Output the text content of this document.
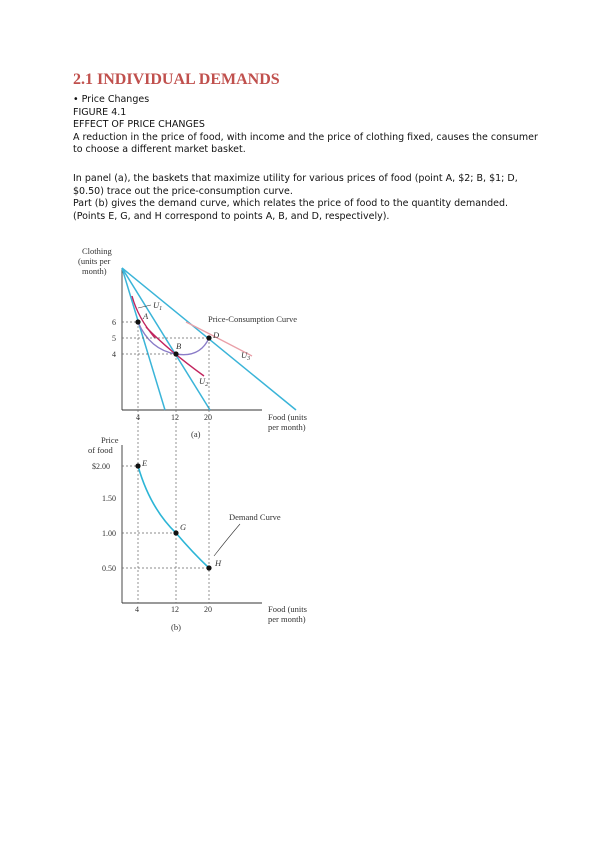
2.1 INDIVIDUAL DEMANDS

• Price Changes

FIGURE 4.1

EFFECT OF PRICE CHANGES

A reduction in the price of food, with income and the price of clothing fixed, causes the consumer to choose a different market basket.

In panel (a), the baskets that maximize utility for various prices of food (point A, $2; B, $1; D, $0.50) trace out the price-consumption curve.

Part (b) gives the demand curve, which relates the price of food to the quantity demanded. (Points E, G, and H correspond to points A, B, and D, respectively).

Clothing
(units per
month)
A
B
D
6
5
4
4	12	20
$U_1$
$U_2$
$U_3$
Price-Consumption Curve
Food (units
per month)
(a)
Price
of food
E
G
H
$2.00
1.50
1.00
0.50
4	12	20
Demand Curve
Food (units
per month)
(b)
